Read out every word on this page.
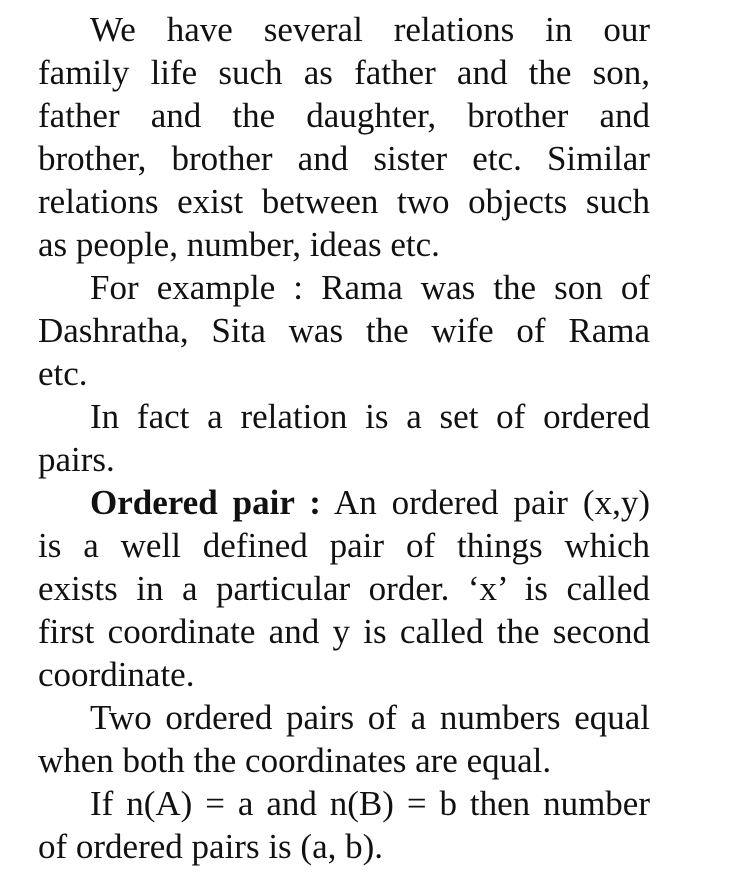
We have several relations in our
family life such as father and the son,
father and the daughter, brother and
brother, brother and sister etc. Similar
relations exist between two objects such
as people, number, ideas etc.

For example : Rama was the son of
Dashratha, Sita was the wife of Rama
etc.

In fact a relation is a set of ordered
pairs.

Ordered pair : An ordered pair (x,y)
is a well defined pair of things which
exists in a particular order. ‘x’ is called
first coordinate and y is called the second
coordinate.

Two ordered pairs of a numbers equal
when both the coordinates are equal.

If n(A) = a and n(B) = b then number
of ordered pairs is (a, b).
